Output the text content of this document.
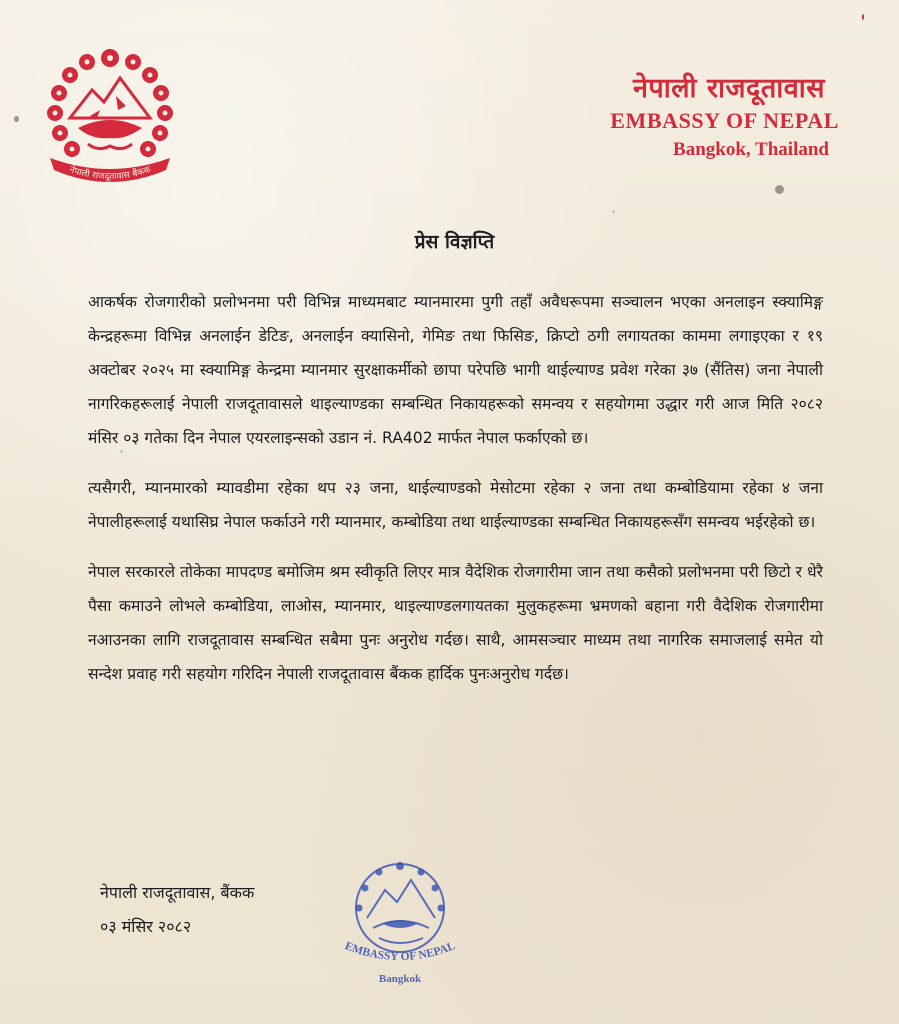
नेपाली राजदूतावास बैंकक
नेपाली राजदूतावास
EMBASSY OF NEPAL
Bangkok, Thailand
प्रेस विज्ञप्ति

आकर्षक रोजगारीको प्रलोभनमा परी विभिन्न माध्यमबाट म्यानमारमा पुगी तहाँ अवैधरूपमा सञ्चालन भएका अनलाइन स्क्यामिङ्ग केन्द्रहरूमा विभिन्न अनलाईन डेटिङ, अनलाईन क्यासिनो, गेमिङ तथा फिसिङ, क्रिप्टो ठगी लगायतका काममा लगाइएका र १९ अक्टोबर २०२५ मा स्क्यामिङ्ग केन्द्रमा म्यानमार सुरक्षाकर्मीको छापा परेपछि भागी थाईल्याण्ड प्रवेश गरेका ३७ (सैंतिस) जना नेपाली नागरिकहरूलाई नेपाली राजदूतावासले थाइल्याण्डका सम्बन्धित निकायहरूको समन्वय र सहयोगमा उद्धार गरी आज मिति २०८२ मंसिर ०३ गतेका दिन नेपाल एयरलाइन्सको उडान नं. RA402 मार्फत नेपाल फर्काएको छ।

त्यसैगरी, म्यानमारको म्यावडीमा रहेका थप २३ जना, थाईल्याण्डको मेसोटमा रहेका २ जना तथा कम्बोडियामा रहेका ४ जना नेपालीहरूलाई यथासिघ्र नेपाल फर्काउने गरी म्यानमार, कम्बोडिया तथा थाईल्याण्डका सम्बन्धित निकायहरूसँग समन्वय भईरहेको छ।

नेपाल सरकारले तोकेका मापदण्ड बमोजिम श्रम स्वीकृति लिएर मात्र वैदेशिक रोजगारीमा जान तथा कसैको प्रलोभनमा परी छिटो र धेरै पैसा कमाउने लोभले कम्बोडिया, लाओस, म्यानमार, थाइल्याण्डलगायतका मुलुकहरूमा भ्रमणको बहाना गरी वैदेशिक रोजगारीमा नआउनका लागि राजदूतावास सम्बन्धित सबैमा पुनः अनुरोध गर्दछ। साथै, आमसञ्चार माध्यम तथा नागरिक समाजलाई समेत यो सन्देश प्रवाह गरी सहयोग गरिदिन नेपाली राजदूतावास बैंकक हार्दिक पुनःअनुरोध गर्दछ।

नेपाली राजदूतावास, बैंकक
०३ मंसिर २०८२
EMBASSY OF NEPAL
Bangkok
